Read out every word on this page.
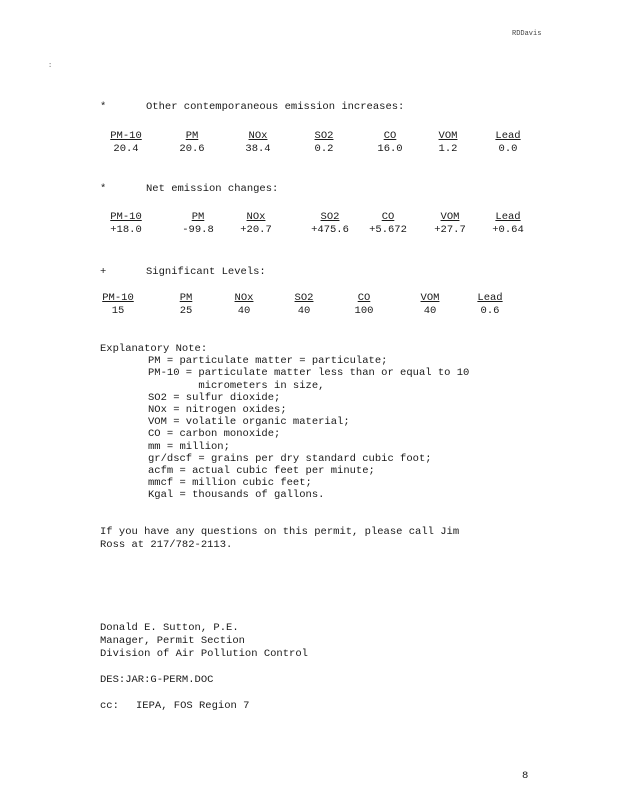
RDDavis
:
*	Other contemporaneous emission increases:
PM-10	PM	NOx	SO2	CO	VOM	Lead
20.4	20.6	38.4	0.2	16.0	1.2	0.0
*	Net emission changes:
PM-10	PM	NOx	SO2	CO	VOM	Lead
+18.0	-99.8	+20.7	+475.6	+5.672	+27.7	+0.64
+	Significant Levels:
PM-10	PM	NOx	SO2	CO	VOM	Lead
15	25	40	40	100	40	0.6
Explanatory Note:
PM = particulate matter = particulate;
PM-10 = particulate matter less than or equal to 10
micrometers in size,
SO2 = sulfur dioxide;
NOx = nitrogen oxides;
VOM = volatile organic material;
CO = carbon monoxide;
mm = million;
gr/dscf = grains per dry standard cubic foot;
acfm = actual cubic feet per minute;
mmcf = million cubic feet;
Kgal = thousands of gallons.
If you have any questions on this permit, please call Jim
Ross at 217/782-2113.
Donald E. Sutton, P.E.
Manager, Permit Section
Division of Air Pollution Control
DES:JAR:G-PERM.DOC
cc: IEPA, FOS Region 7
8
